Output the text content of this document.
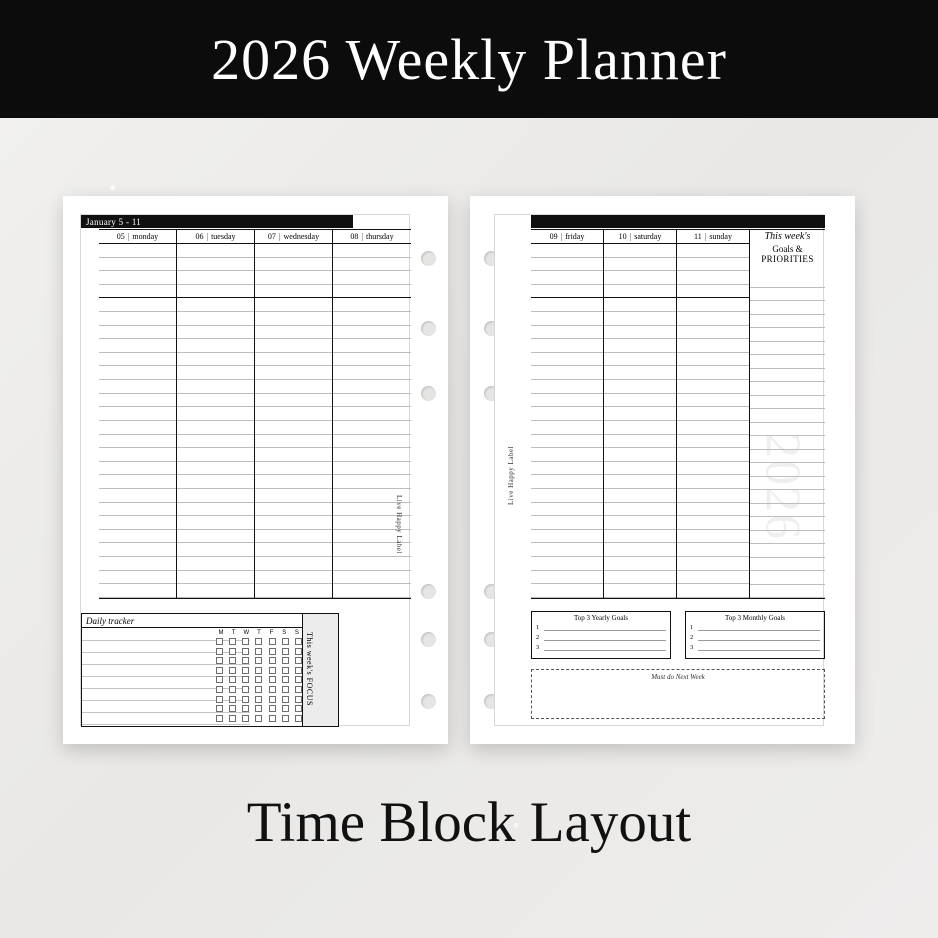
2026 Weekly Planner
January 5 - 11
05 | monday	06 | tuesday	07 | wednesday	08 | thursday
Daily tracker
M	T	W	T	F	S	S This week's FOCUS
Live Happy Label	2026
09 | friday	10 | saturday	11 | sunday	This week's
Goals &
PRIORITIES
Top 3 Yearly Goals
1
2
3
Top 3 Monthly Goals
1
2
3
Must do Next Week
Live Happy Label
Time Block Layout
